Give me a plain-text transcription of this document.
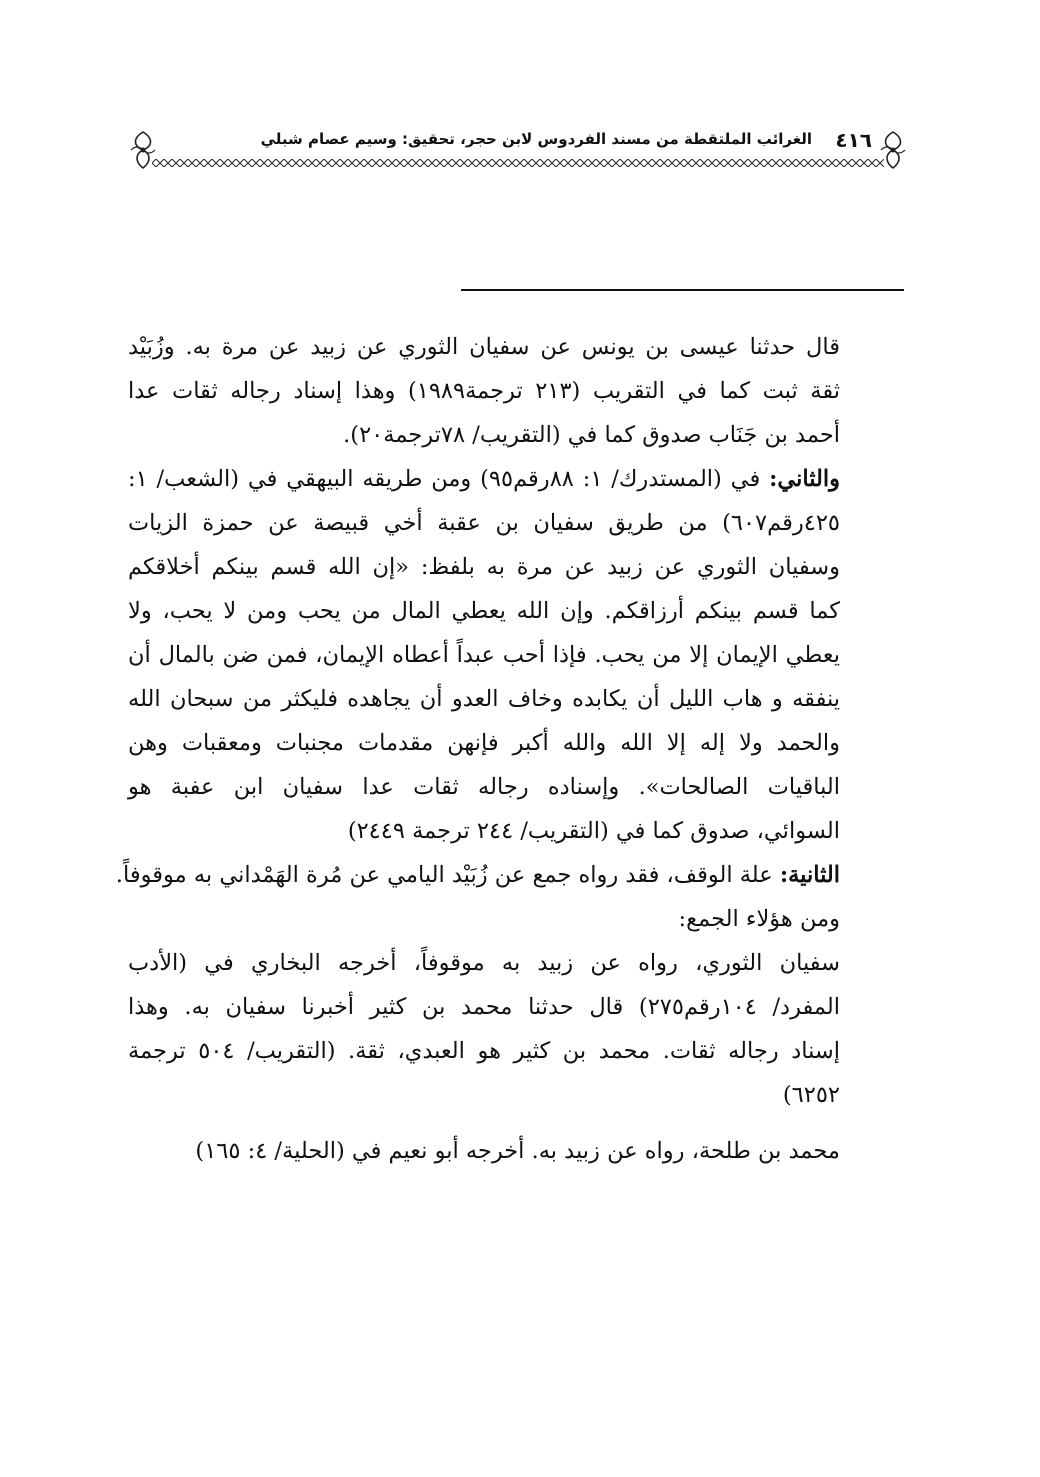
٤١٦
الغرائب الملتقطة من مسند الفردوس لابن حجر، تحقيق: وسيم عصام شبلي
قال حدثنا عيسى بن يونس عن سفيان الثوري عن زبيد عن مرة به. وزُبَيْد
ثقة ثبت كما في التقريب (٢١٣ ترجمة١٩٨٩) وهذا إسناد رجاله ثقات عدا
أحمد بن جَنَاب صدوق كما في (التقريب/ ٧٨ترجمة٢٠).
والثاني: في (المستدرك/ ١: ٨٨رقم٩٥) ومن طريقه البيهقي في (الشعب/ ١:
٤٢٥رقم٦٠٧) من طريق سفيان بن عقبة أخي قبيصة عن حمزة الزيات
وسفيان الثوري عن زبيد عن مرة به بلفظ: «إن الله قسم بينكم أخلاقكم
كما قسم بينكم أرزاقكم. وإن الله يعطي المال من يحب ومن لا يحب، ولا
يعطي الإيمان إلا من يحب. فإذا أحب عبداً أعطاه الإيمان، فمن ضن بالمال أن
ينفقه و هاب الليل أن يكابده وخاف العدو أن يجاهده فليكثر من سبحان الله
والحمد ولا إله إلا الله والله أكبر فإنهن مقدمات مجنبات ومعقبات وهن
الباقيات الصالحات». وإسناده رجاله ثقات عدا سفيان ابن عفبة هو
السوائي، صدوق كما في (التقريب/ ٢٤٤ ترجمة ٢٤٤٩)
الثانية: علة الوقف، فقد رواه جمع عن زُبَيْد اليامي عن مُرة الهَمْداني به موقوفاً.
ومن هؤلاء الجمع:
سفيان الثوري، رواه عن زبيد به موقوفاً، أخرجه البخاري في (الأدب
المفرد/ ١٠٤رقم٢٧٥) قال حدثنا محمد بن كثير أخبرنا سفيان به. وهذا
إسناد رجاله ثقات. محمد بن كثير هو العبدي، ثقة. (التقريب/ ٥٠٤ ترجمة
٦٢٥٢)
محمد بن طلحة، رواه عن زبيد به. أخرجه أبو نعيم في (الحلية/ ٤: ١٦٥)
